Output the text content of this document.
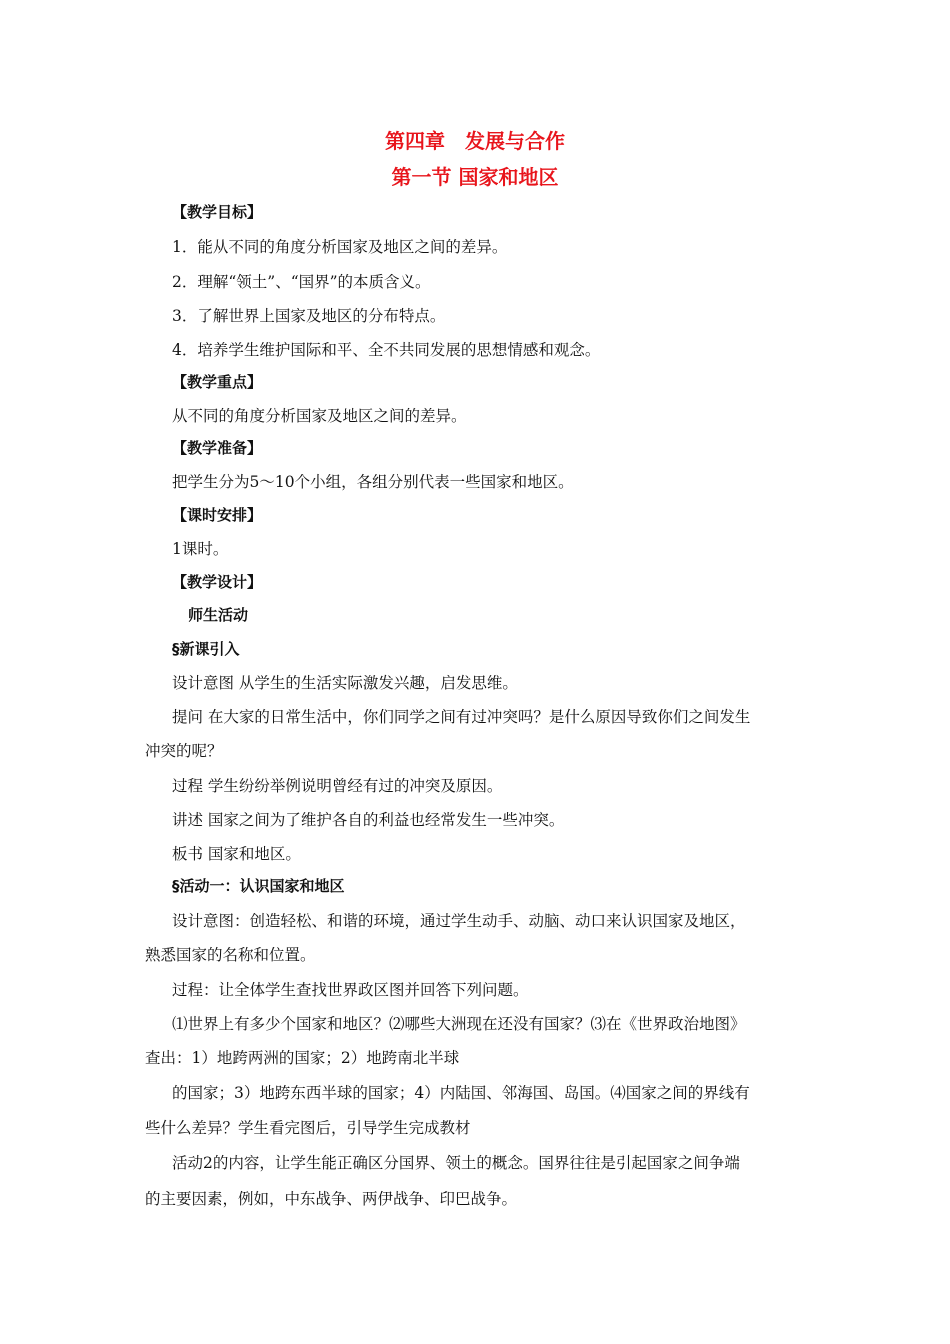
第四章　发展与合作
第一节 国家和地区
【教学目标】
1．能从不同的角度分析国家及地区之间的差异。
2．理解“领土”、“国界”的本质含义。
3．了解世界上国家及地区的分布特点。
4．培养学生维护国际和平、全不共同发展的思想情感和观念。
【教学重点】
从不同的角度分析国家及地区之间的差异。
【教学准备】
把学生分为5～10个小组，各组分别代表一些国家和地区。
【课时安排】
1课时。
【教学设计】
师生活动
§新课引入
设计意图 从学生的生活实际激发兴趣，启发思维。
提问 在大家的日常生活中，你们同学之间有过冲突吗？是什么原因导致你们之间发生
冲突的呢？
过程 学生纷纷举例说明曾经有过的冲突及原因。
讲述 国家之间为了维护各自的利益也经常发生一些冲突。
板书 国家和地区。
§活动一：认识国家和地区
设计意图：创造轻松、和谐的环境，通过学生动手、动脑、动口来认识国家及地区，
熟悉国家的名称和位置。
过程：让全体学生查找世界政区图并回答下列问题。
⑴世界上有多少个国家和地区？⑵哪些大洲现在还没有国家？⑶在《世界政治地图》
查出：1）地跨两洲的国家；2）地跨南北半球
的国家；3）地跨东西半球的国家；4）内陆国、邻海国、岛国。⑷国家之间的界线有
些什么差异？学生看完图后，引导学生完成教材
活动2的内容，让学生能正确区分国界、领土的概念。国界往往是引起国家之间争端
的主要因素，例如，中东战争、两伊战争、印巴战争。
